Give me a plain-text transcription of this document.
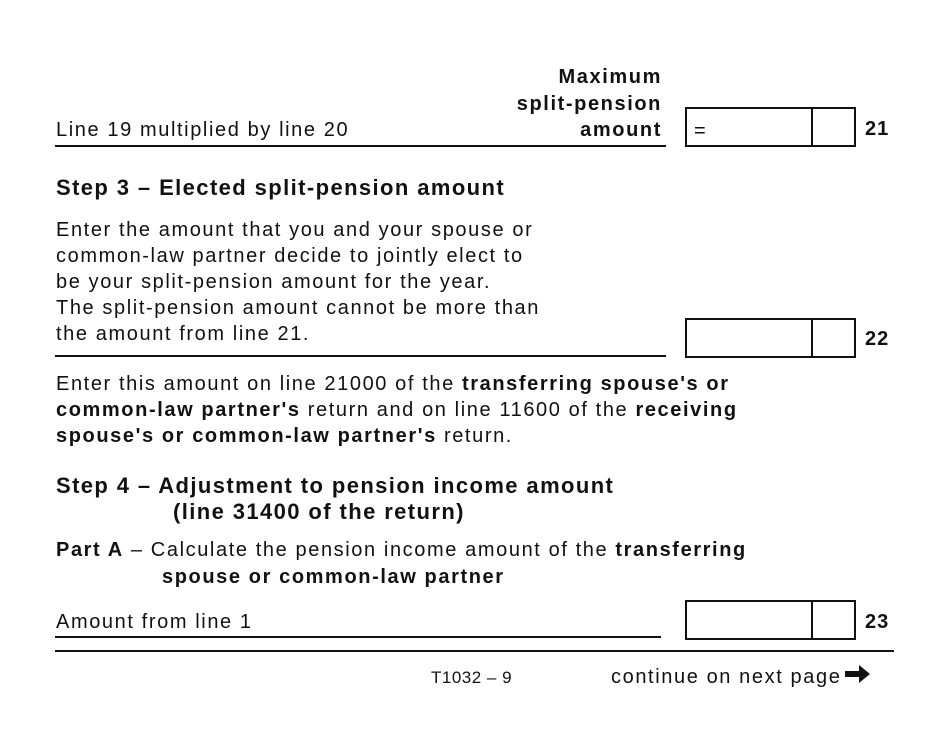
Maximum
split-pension
amount
Line 19 multiplied by line 20	=	21
Step 3 – Elected split-pension amount
Enter the amount that you and your spouse or
common-law partner decide to jointly elect to
be your split-pension amount for the year.
The split-pension amount cannot be more than
the amount from line 21.	22
Enter this amount on line 21000 of the transferring spouse's or
common-law partner's return and on line 11600 of the receiving
spouse's or common-law partner's return.
Step 4 – Adjustment to pension income amount
(line 31400 of the return)
Part A – Calculate the pension income amount of the transferring
spouse or common-law partner
Amount from line 1	23
T1032 – 9	continue on next page
